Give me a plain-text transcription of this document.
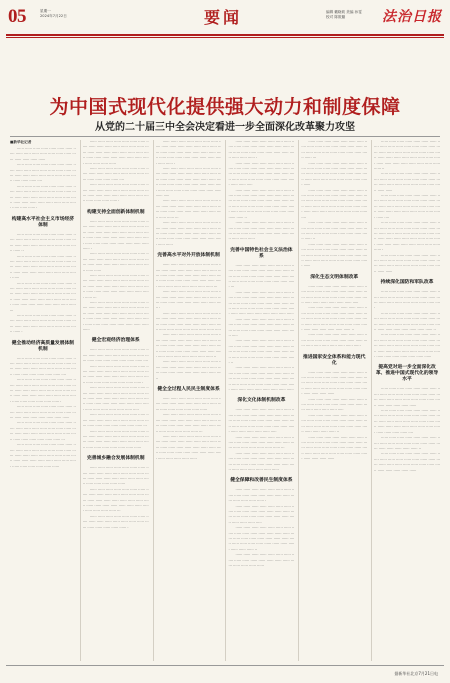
05	星期一
2024年7月22日	要闻	编辑 戴晓莉 美编 孙雯
校对 陈筱璐	法治日报
为中国式现代化提供强大动力和制度保障
从党的二十届三中全会决定看进一步全面深化改革聚力攻坚
■新华社记者

······ ······ ······ ······ ······ ······ ······ ······ ······ ······ ······ ······ ······ ······ ······ ······ ······ ······ ······ ······

······ ······ ······ ······ ······ ······ ······ ······ ······ ······ ······ ······ ······ ······ ······ ······ ······ ······ ······ ······ ······ ······ ······ ······ ······ ······ ······ ····

······ ······ ······ ······ ······ ······ ······ ······ ······ ······ ······ ······ ······ ······ ······ ······ ······ ······ ······ ······ ······ ······ ······ ······ ······ ······ ······ ······ ······ ······ ······ ······ ······ ······ ······ ·

构建高水平社会主义市场经济体制

······ ······ ······ ······ ······ ······ ······ ······ ······ ······ ······ ······ ······ ······ ······ ······ ······ ······ ······ ······ ······ ······ ······ ······ ······ ··

······ ······ ······ ······ ······ ······ ······ ······ ······ ······ ······ ······ ······ ······ ······ ······ ······ ······ ······ ······ ······ ······ ······ ······ ······ ······ ······ ······ ······ ······ ······ ······ ······

······ ······ ······ ······ ······ ······ ······ ······ ······ ······ ······ ······ ······ ······ ······ ······ ······ ······ ······ ······ ······ ······ ······ ······ ······ ······ ······ ······ ······ ······ ······ ······ ······ ······ ······ ······ ······ ······ ······ ······ ···

······ ······ ······ ······ ······ ······ ······ ······ ······ ······ ······ ······ ······ ······ ······ ······ ······ ······ ······ ······ ······ ······ ······ ······ ······ ·

健全推动经济高质量发展体制机制

······ ······ ······ ······ ······ ······ ······ ······ ······ ······ ······ ······ ······ ······ ······ ······ ······ ······ ······ ······ ······ ······ ······ ······ ······ ······ ······ ······ ······ ······ ····

······ ······ ······ ······ ······ ······ ······ ······ ······ ······ ······ ······ ······ ······ ······ ······ ······ ······ ······ ······ ······ ······ ······ ······ ······ ······ ······ ······ ······ ······ ······ ······ ······ ······ ······ ······ ······ ······ ·

······ ······ ······ ······ ······ ······ ······ ······ ······ ······ ······ ······ ······ ······ ······ ······ ······ ······ ······ ······ ······ ······ ······

······ ······ ······ ······ ······ ······ ······ ······ ······ ······ ······ ······ ······ ······ ······ ······ ······ ······ ······ ······ ······ ······ ······ ······ ······ ······ ······ ······ ······ ······ ···

······ ······ ······ ······ ······ ······ ······ ······ ······ ······ ······ ······ ······ ······ ······ ······ ······ ······ ······ ······ ······ ······ ······ ······ ······ ······ ······ ······ ······ ······ ······ ······ ······ ······ ······ ······ ······ ······

······ ······ ······ ······ ······ ······ ······ ······ ······ ······ ······ ······ ······ ······ ······ ······ ······ ······ ······ ······ ······ ······ ······ ······ ······ ······ ······ ······ ······ ······ ······ ······ ······ ······ ······ ······

······ ······ ······ ······ ······ ······ ······ ······ ······ ······ ······ ······ ······ ······ ······ ······ ······ ······ ······ ······ ····

······ ······ ······ ······ ······ ······ ······ ······ ······ ······ ······ ······ ······ ······ ······ ······ ······ ······ ······ ······ ······ ······ ······ ······ ······ ······ ······ ······ ·

构建支持全面创新体制机制

······ ······ ······ ······ ······ ······ ······ ······ ······ ······ ······ ······ ······ ······ ······ ······ ······ ······ ······ ······ ······ ······ ······ ······ ······ ······ ······ ······ ······ ······ ······ ······ ······ ······ ······ ······ ······ ······ ······ ······ ······ ·

······ ······ ······ ······ ······ ······ ······ ······ ······ ······ ······ ······ ······ ······ ······ ······ ······ ······ ······ ······ ······ ······ ······ ······ ······ ······

······ ······ ······ ······ ······ ······ ······ ······ ······ ······ ······ ······ ······ ······ ······ ······ ······ ······ ······ ······ ······ ······ ······ ······ ······ ······ ······ ······ ······ ······ ······ ······ ······ ···

······ ······ ······ ······ ······ ······ ······ ······ ······ ······ ······ ······ ······ ······ ······ ······ ······ ······ ······ ······ ······ ······ ······ ······ ······ ······ ······ ······ ······ ······ ······ ······ ······ ······ ······ ······ ······ ······ ······ ······ ······

健全宏观经济治理体系

······ ······ ······ ······ ······ ······ ······ ······ ······ ······ ······ ······ ······ ······ ······ ······ ······ ······ ······ ······ ······ ······ ······ ····

······ ······ ······ ······ ······ ······ ······ ······ ······ ······ ······ ······ ······ ······ ······ ······ ······ ······ ······ ······ ······ ······ ······ ······ ······ ······ ······ ······ ······ ······ ······ ·

······ ······ ······ ······ ······ ······ ······ ······ ······ ······ ······ ······ ······ ······ ······ ······ ······ ······ ······ ······ ······ ······ ······ ······ ······ ······ ······ ······ ······ ······ ······ ······ ······ ······ ······ ······ ······ ······ ·····

······ ······ ······ ······ ······ ······ ······ ······ ······ ······ ······ ······ ······ ······ ······ ······ ······ ······ ······ ······ ······ ······ ······ ···

······ ······ ······ ······ ······ ······ ······ ······ ······ ······ ······ ······ ······ ······ ······ ······ ······ ······ ······ ······ ······ ······ ······ ······ ······ ······ ······ ······ ······ ······ ······

完善城乡融合发展体制机制

······ ······ ······ ······ ······ ······ ······ ······ ······ ······ ······ ······ ······ ······ ······ ······ ······ ······ ······ ······ ······ ······ ······ ······ ······ ······ ······ ······ ······

······ ······ ······ ······ ······ ······ ······ ······ ······ ······ ······ ······ ······ ······ ······ ······ ······ ······ ······ ······ ······ ······ ······ ······ ······ ······ ······ ······ ······ ······ ······ ······ ······ ······ ······ ······ ···

······ ······ ······ ······ ······ ······ ······ ······ ······ ······ ······ ······ ······ ······ ······ ······ ······ ······ ······ ······ ······ ·

······ ······ ······ ······ ······ ······ ······ ······ ······ ······ ······ ······ ······ ······ ······ ······ ······ ······ ······ ······ ······ ······ ······ ······ ······ ······ ······ ······ ······ ······ ······ ······ ······ ······ ·

······ ······ ······ ······ ······ ······ ······ ······ ······ ······ ······ ······ ······ ······ ······ ······ ······ ······ ······ ······ ······ ······ ······ ······ ······ ······ ······ ······ ······ ······ ······ ······ ······ ······ ······ ······ ······ ······ ······ ······ ······ ·····

······ ······ ······ ······ ······ ······ ······ ······ ······ ······ ······ ······ ······ ······ ······ ······ ······ ······ ······ ······ ······ ······ ······ ······ ······ ······ ···

······ ······ ······ ······ ······ ······ ······ ······ ······ ······ ······ ······ ······ ······ ······ ······ ······ ······ ······ ······ ······ ······ ······ ······ ······ ······ ······ ······ ······ ······ ······ ······ ······ ······

完善高水平对外开放体制机制

······ ······ ······ ······ ······ ······ ······ ······ ······ ······ ······ ······ ······ ······ ······ ······ ······ ······ ······ ······ ······ ······ ······ ······ ······ ······ ······ ······ ······ ······ ······ ······ ······ ······ ······ ······ ······ ······ ······ ···

······ ······ ······ ······ ······ ······ ······ ······ ······ ······ ······ ······ ······ ······ ······ ······ ······ ······ ······ ······ ······ ······ ······ ······ ·

······ ······ ······ ······ ······ ······ ······ ······ ······ ······ ······ ······ ······ ······ ······ ······ ······ ······ ······ ······ ······ ······ ······ ······ ······ ······ ······ ······ ······ ······ ······ ·····

······ ······ ······ ······ ······ ······ ······ ······ ······ ······ ······ ······ ······ ······ ······ ······ ······ ······ ······ ······ ······ ······ ······ ······ ······ ······ ······ ······ ······ ······ ······ ······ ······ ······ ······ ······ ······ ······ ······ ··

······ ······ ······ ······ ······ ······ ······ ······ ······ ······ ······ ······ ······ ······ ······ ······ ······ ······ ······ ······ ······ ······ ······ ······

健全全过程人民民主制度体系

······ ······ ······ ······ ······ ······ ······ ······ ······ ······ ······ ······ ······ ······ ······ ······ ······ ······ ······ ······ ······ ······

······ ······ ······ ······ ······ ······ ······ ······ ······ ······ ······ ······ ······ ······ ······ ······ ······ ······ ······ ······ ······ ······ ······ ······ ······ ······ ······ ······ ······ ···

······ ······ ······ ······ ······ ······ ······ ······ ······ ······ ······ ······ ······ ······ ······ ······ ······ ······ ······ ······ ······ ······ ······ ······ ······ ······ ······ ······ ······ ······ ······ ······ ······ ······ ······ ······ ······

······ ······ ······ ······ ······ ······ ······ ······ ······ ······ ······ ······ ······ ······ ······ ······ ······ ······ ······ ······ ······ ······ ······ ······ ······ ······ ······ ·

······ ······ ······ ······ ······ ······ ······ ······ ······ ······ ······ ······ ······ ······ ······ ······ ······ ······ ······ ······ ······ ······ ······ ······ ······ ······ ······ ······ ······ ······ ······ ······ ······ ······ ·····

······ ······ ······ ······ ······ ······ ······ ······ ······ ······ ······ ······ ······ ······ ······ ······ ······ ······ ······ ······ ······ ······ ······ ······ ······ ······ ······ ······ ······ ······ ······ ······ ······ ······ ······ ······ ······ ······ ······ ······ ······ ······ ··

······ ······ ······ ······ ······ ······ ······ ······ ······ ······ ······ ······ ······ ······ ······ ······ ······ ······ ······ ······ ······ ······ ······ ······ ······ ······ ······

完善中国特色社会主义法治体系

······ ······ ······ ······ ······ ······ ······ ······ ······ ······ ······ ······ ······ ······ ······ ······ ······ ······ ······ ······ ······ ······ ······ ······ ······ ······ ······ ······ ······ ······ ······ ······ ···

······ ······ ······ ······ ······ ······ ······ ······ ······ ······ ······ ······ ······ ······ ······ ······ ······ ······ ······ ······ ······ ······ ······ ······ ······ ······ ······ ······ ······ ······ ······ ······ ······ ······ ······ ······ ······ ······ ······ ······

······ ······ ······ ······ ······ ······ ······ ······ ······ ······ ······ ······ ······ ······ ······ ······ ······ ······ ······ ······ ······ ······ ······ ······ ·····

······ ······ ······ ······ ······ ······ ······ ······ ······ ······ ······ ······ ······ ······ ······ ······ ······ ······ ······ ······ ······ ······ ······ ······ ······ ······ ······ ······ ······ ······ ······ ······ ··

······ ······ ······ ······ ······ ······ ······ ······ ······ ······ ······ ······ ······ ······ ······ ······ ······ ······ ······ ······ ······ ······ ······ ······ ······ ······ ······ ······ ······ ······ ······ ······ ······ ······ ······ ······ ······ ······ ······ ······

深化文化体制机制改革

······ ······ ······ ······ ······ ······ ······ ······ ······ ······ ······ ······ ······ ······ ······ ······ ······ ······ ······ ······ ······ ······ ······ ······ ······ ······ ······ ······ ······ ······ ······ ······ ······ ······ ······ ······ ······ ·····

······ ······ ······ ······ ······ ······ ······ ······ ······ ······ ······ ······ ······ ······ ······ ······ ······ ······ ······ ······ ······ ······ ···

······ ······ ······ ······ ······ ······ ······ ······ ······ ······ ······ ······ ······ ······ ······ ······ ······ ······ ······ ······ ······ ······ ······ ······ ······ ······ ······ ······ ······ ······

健全保障和改善民生制度体系

······ ······ ······ ······ ······ ······ ······ ······ ······ ······ ······ ······ ······ ······ ······ ······ ······ ······ ······ ······ ·

······ ······ ······ ······ ······ ······ ······ ······ ······ ······ ······ ······ ······ ······ ······ ······ ······ ······ ······ ······ ······ ······ ······ ······ ······ ······ ······ ·····

······ ······ ······ ······ ······ ······ ······ ······ ······ ······ ······ ······ ······ ······ ······ ······ ······ ······ ······ ······ ······ ······ ······ ······ ······ ······ ······ ······ ······ ······ ······ ······ ······ ······ ······ ··

······ ······ ······ ······ ······ ······ ······ ······ ······ ······ ······ ······ ······ ······ ······ ······ ······ ······ ······ ······

······ ······ ······ ······ ······ ······ ······ ······ ······ ······ ······ ······ ······ ······ ······ ······ ······ ······ ······ ······ ······ ······ ······ ······ ······ ···

······ ······ ······ ······ ······ ······ ······ ······ ······ ······ ······ ······ ······ ······ ······ ······ ······ ······ ······ ······ ······ ······ ······ ······ ······ ······ ······ ······ ······ ······ ······ ······ ······

······ ······ ······ ······ ······ ······ ······ ······ ······ ······ ······ ······ ······ ······ ······ ······ ······ ······ ······ ······ ······ ······ ······ ······ ······ ······ ······ ······ ······ ······ ······ ······ ······ ······ ······ ······ ······ ······ ······ ······ ····

······ ······ ······ ······ ······ ······ ······ ······ ······ ······ ······ ······ ······ ······ ······ ······ ······ ······ ······ ······ ······ ······ ······ ······ ······ ··

······ ······ ······ ······ ······ ······ ······ ······ ······ ······ ······ ······ ······ ······ ······ ······ ······ ······ ······ ······ ······ ······ ······ ······ ······ ······ ······ ······ ······ ······ ······ ······ ······

深化生态文明体制改革

······ ······ ······ ······ ······ ······ ······ ······ ······ ······ ······ ······ ······ ······ ······ ······ ······ ······ ······ ······ ······ ······ ······ ······ ······ ······ ······ ······ ······ ······ ·····

······ ······ ······ ······ ······ ······ ······ ······ ······ ······ ······ ······ ······ ······ ······ ······ ······ ······ ······ ······ ······ ······ ······ ······ ······ ······ ······ ······ ······ ······ ······ ······ ······ ······ ······ ······ ······ ······ ··

······ ······ ······ ······ ······ ······ ······ ······ ······ ······ ······ ······ ······ ······ ······ ······ ······ ······ ······ ······ ······ ······ ······

推进国家安全体系和能力现代化

······ ······ ······ ······ ······ ······ ······ ······ ······ ······ ······ ······ ······ ······ ······ ······ ······ ······ ······ ······ ······ ······ ······ ······ ······ ······ ······ ······ ······ ······ ······ ······ ······ ······ ······ ······

······ ······ ······ ······ ······ ······ ······ ······ ······ ······ ······ ······ ······ ······ ······ ······ ······ ······ ······ ······ ·····

······ ······ ······ ······ ······ ······ ······ ······ ······ ······ ······ ······ ······ ······ ······ ······ ······ ······ ······ ······ ······ ······ ······ ······ ······ ······ ······ ······ ··

······ ······ ······ ······ ······ ······ ······ ······ ······ ······ ······ ······ ······ ······ ······ ······ ······ ······ ······ ······ ······ ······ ······ ······ ······ ······ ······ ······ ······ ······ ······ ······ ······ ······ ······ ······

······ ······ ······ ······ ······ ······ ······ ······ ······ ······ ······ ······ ······ ······ ······ ······ ······ ······ ······ ······ ······ ······ ······ ······ ······ ······ ······ ······ ······ ······ ······ ······ ······ ······ ······ ······ ······ ······ ······ ······ ······ ··

······ ······ ······ ······ ······ ······ ······ ······ ······ ······ ······ ······ ······ ······ ······ ······ ······ ······ ······ ······ ······ ······ ······ ······ ······ ······

······ ······ ······ ······ ······ ······ ······ ······ ······ ······ ······ ······ ······ ······ ······ ······ ······ ······ ······ ······ ······ ······ ······ ······ ······ ······ ······ ······ ······ ······ ······ ······ ······ ····

······ ······ ······ ······ ······ ······ ······ ······ ······ ······ ······ ······ ······ ······ ······ ······ ······ ······ ······ ······ ······ ······ ······ ······ ······ ······ ······ ······ ······ ······ ······ ······ ······ ······ ······ ······ ······ ······ ······ ······ ······ ·

······ ······ ······ ······ ······ ······ ······ ······ ······ ······ ······ ······ ······ ······ ······ ······ ······ ······ ······ ······ ······ ······ ······ ······ ······ ······

持续深化国防和军队改革

······ ······ ······ ······ ······ ······ ······ ······ ······ ······ ······ ······ ······ ······ ······ ······ ······ ······ ······ ······ ······ ······ ······ ·····

······ ······ ······ ······ ······ ······ ······ ······ ······ ······ ······ ······ ······ ······ ······ ······ ······ ······ ······ ······ ······ ······ ······ ······ ······ ······ ······ ······ ······ ······ ······ ··

······ ······ ······ ······ ······ ······ ······ ······ ······ ······ ······ ······ ······ ······ ······ ······ ······ ······ ······ ······ ······ ······ ······ ······ ······ ······ ······ ······ ······ ······ ······ ······ ······ ······ ······ ······ ······ ······ ······

提高党对进一步全面深化改革、推进中国式现代化的领导水平

······ ······ ······ ······ ······ ······ ······ ······ ······ ······ ······ ······ ······ ······ ······ ······ ······ ······ ······ ······ ······ ······ ······ ······ ······ ······ ······ ······ ······

······ ······ ······ ······ ······ ······ ······ ······ ······ ······ ······ ······ ······ ······ ······ ······ ······ ······ ······ ······ ······ ······ ······ ······ ······ ······ ······ ······ ······ ······ ······ ······ ······ ······ ······ ······ ····

······ ······ ······ ······ ······ ······ ······ ······ ······ ······ ······ ······ ······ ······ ······ ······ ······ ······ ······ ······ ······ ··

······ ······ ······ ······ ······ ······ ······ ······ ······ ······ ······ ······ ······ ······ ······ ······ ······ ······ ······ ······ ······ ······ ······ ······ ······ ······ ······ ······ ······

据新华社北京7月21日电
